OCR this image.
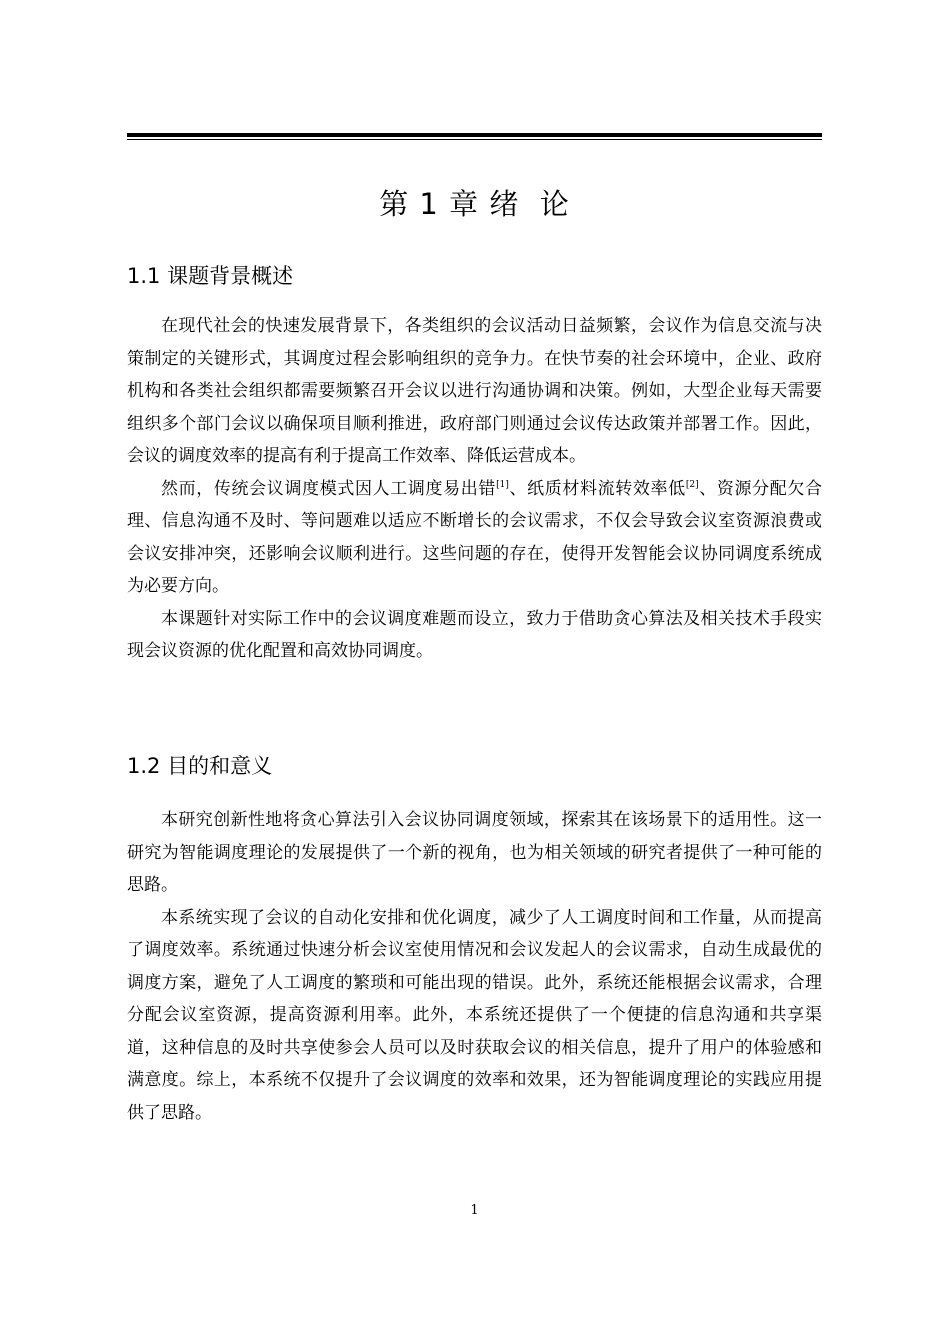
第 1 章 绪  论
1.1 课题背景概述

在现代社会的快速发展背景下，各类组织的会议活动日益频繁，会议作为信息交流与决策制定的关键形式，其调度过程会影响组织的竞争力。在快节奏的社会环境中，企业、政府机构和各类社会组织都需要频繁召开会议以进行沟通协调和决策。例如，大型企业每天需要组织多个部门会议以确保项目顺利推进，政府部门则通过会议传达政策并部署工作。因此，会议的调度效率的提高有利于提高工作效率、降低运营成本。

然而，传统会议调度模式因人工调度易出错[1]、纸质材料流转效率低[2]、资源分配欠合理、信息沟通不及时、等问题难以适应不断增长的会议需求，不仅会导致会议室资源浪费或会议安排冲突，还影响会议顺利进行。这些问题的存在，使得开发智能会议协同调度系统成为必要方向。

本课题针对实际工作中的会议调度难题而设立，致力于借助贪心算法及相关技术手段实现会议资源的优化配置和高效协同调度。

1.2 目的和意义

本研究创新性地将贪心算法引入会议协同调度领域，探索其在该场景下的适用性。这一研究为智能调度理论的发展提供了一个新的视角，也为相关领域的研究者提供了一种可能的思路。

本系统实现了会议的自动化安排和优化调度，减少了人工调度时间和工作量，从而提高了调度效率。系统通过快速分析会议室使用情况和会议发起人的会议需求，自动生成最优的调度方案，避免了人工调度的繁琐和可能出现的错误。此外，系统还能根据会议需求，合理分配会议室资源，提高资源利用率。此外，本系统还提供了一个便捷的信息沟通和共享渠道，这种信息的及时共享使参会人员可以及时获取会议的相关信息，提升了用户的体验感和满意度。综上，本系统不仅提升了会议调度的效率和效果，还为智能调度理论的实践应用提供了思路。

1
